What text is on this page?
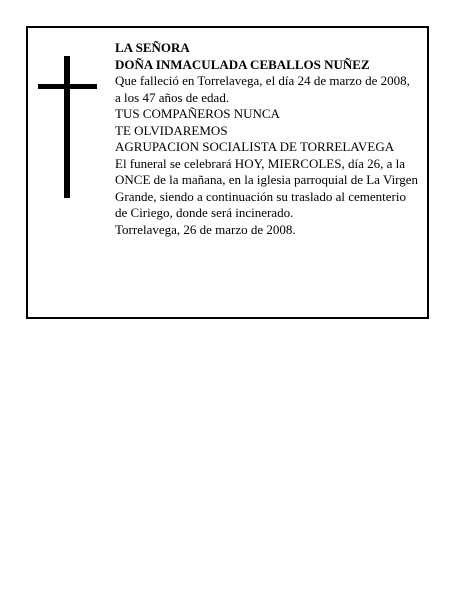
LA SEÑORA
DOÑA INMACULADA CEBALLOS NUÑEZ
Que falleció en Torrelavega, el día 24 de marzo de 2008,
a los 47 años de edad.
TUS COMPAÑEROS NUNCA
TE OLVIDAREMOS
AGRUPACION SOCIALISTA DE TORRELAVEGA
El funeral se celebrará HOY, MIERCOLES, día 26, a la ONCE de la mañana, en la iglesia parroquial de La Virgen Grande, siendo a continuación su traslado al cementerio de Ciriego, donde será incinerado.
Torrelavega, 26 de marzo de 2008.
